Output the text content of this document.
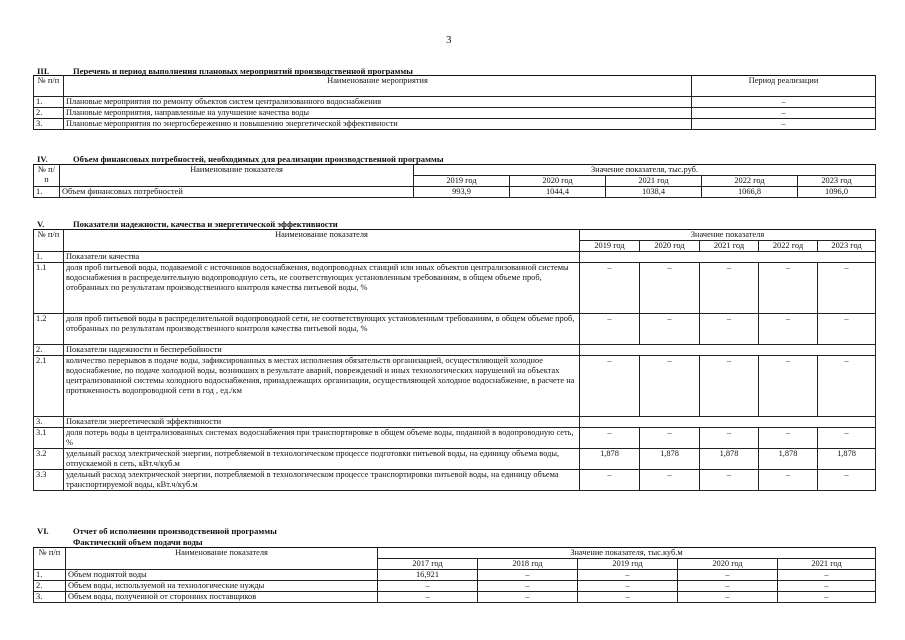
3
III.	Перечень и период выполнения плановых мероприятий производственной программы
№ п/п	Наименование мероприятия	Период реализации
1.	Плановые мероприятия по ремонту объектов систем централизованного водоснабжения	–
2.	Плановые мероприятия, направленные на улучшение качества воды	–
3.	Плановые мероприятия по энергосбережению и повышению энергетической эффективности	–
IV.	Объем финансовых потребностей, необходимых для реализации производственной программы
№ п/п	Наименование показателя	Значение показателя, тыс.руб.				
		2019 год	2020 год	2021 год	2022 год	2023 год
1.	Объем финансовых потребностей	993,9	1044,4	1038,4	1066,8	1096,0
V.	Показатели надежности, качества и энергетической эффективности
№ п/п	Наименование показателя	Значение показателя				
		2019 год	2020 год	2021 год	2022 год	2023 год
1.	Показатели качества					
1.1	доля проб питьевой воды, подаваемой с источников водоснабжения, водопроводных станций или иных объектов централизованной системы водоснабжения в распределительную водопроводную сеть, не соответствующих установленным требованиям, в общем объеме проб, отобранных по результатам производственного контроля качества питьевой воды, %	–	–	–	–	–
1.2	доля проб питьевой воды в распределительной водопроводной сети, не соответствующих установленным требованиям, в общем объеме проб, отобранных по результатам производственного контроля качества питьевой воды, %	–	–	–	–	–
2.	Показатели надежности и бесперебойности					
2.1	количество перерывов в подаче воды, зафиксированных в местах исполнения обязательств организацией, осуществляющей холодное водоснабжение, по подаче холодной воды, возникших в результате аварий, повреждений и иных технологических нарушений на объектах централизованной системы холодного водоснабжения, принадлежащих организации, осуществляющей холодное водоснабжение, в расчете на протяженность водопроводной сети в год , ед./км	–	–	–	–	–
3.	Показатели энергетической эффективности					
3.1	доля потерь воды в централизованных системах водоснабжения при транспортировке в общем объеме воды, поданной в водопроводную сеть, %	–	–	–	–	–
3.2	удельный расход электрической энергии, потребляемой в технологическом процессе подготовки питьевой воды, на единицу объема воды, отпускаемой в сеть, кВт.ч/куб.м	1,878	1,878	1,878	1,878	1,878
3.3	удельный расход электрической энергии, потребляемой в технологическом процессе транспортировки питьевой воды, на единицу объема транспортируемой воды, кВт.ч/куб.м	–	–	–	–	–
VI.	Отчет об исполнении производственной программы
Фактический объем подачи воды
№ п/п	Наименование показателя	Значение показателя, тыс.куб.м				
		2017 год	2018 год	2019 год	2020 год	2021 год
1.	Объем поднятой воды	16,921	–	–	–	–
2.	Объем воды, используемой на технологические нужды	–	–	–	–	–
3.	Объем воды, полученной от сторонних поставщиков	–	–	–	–	–
